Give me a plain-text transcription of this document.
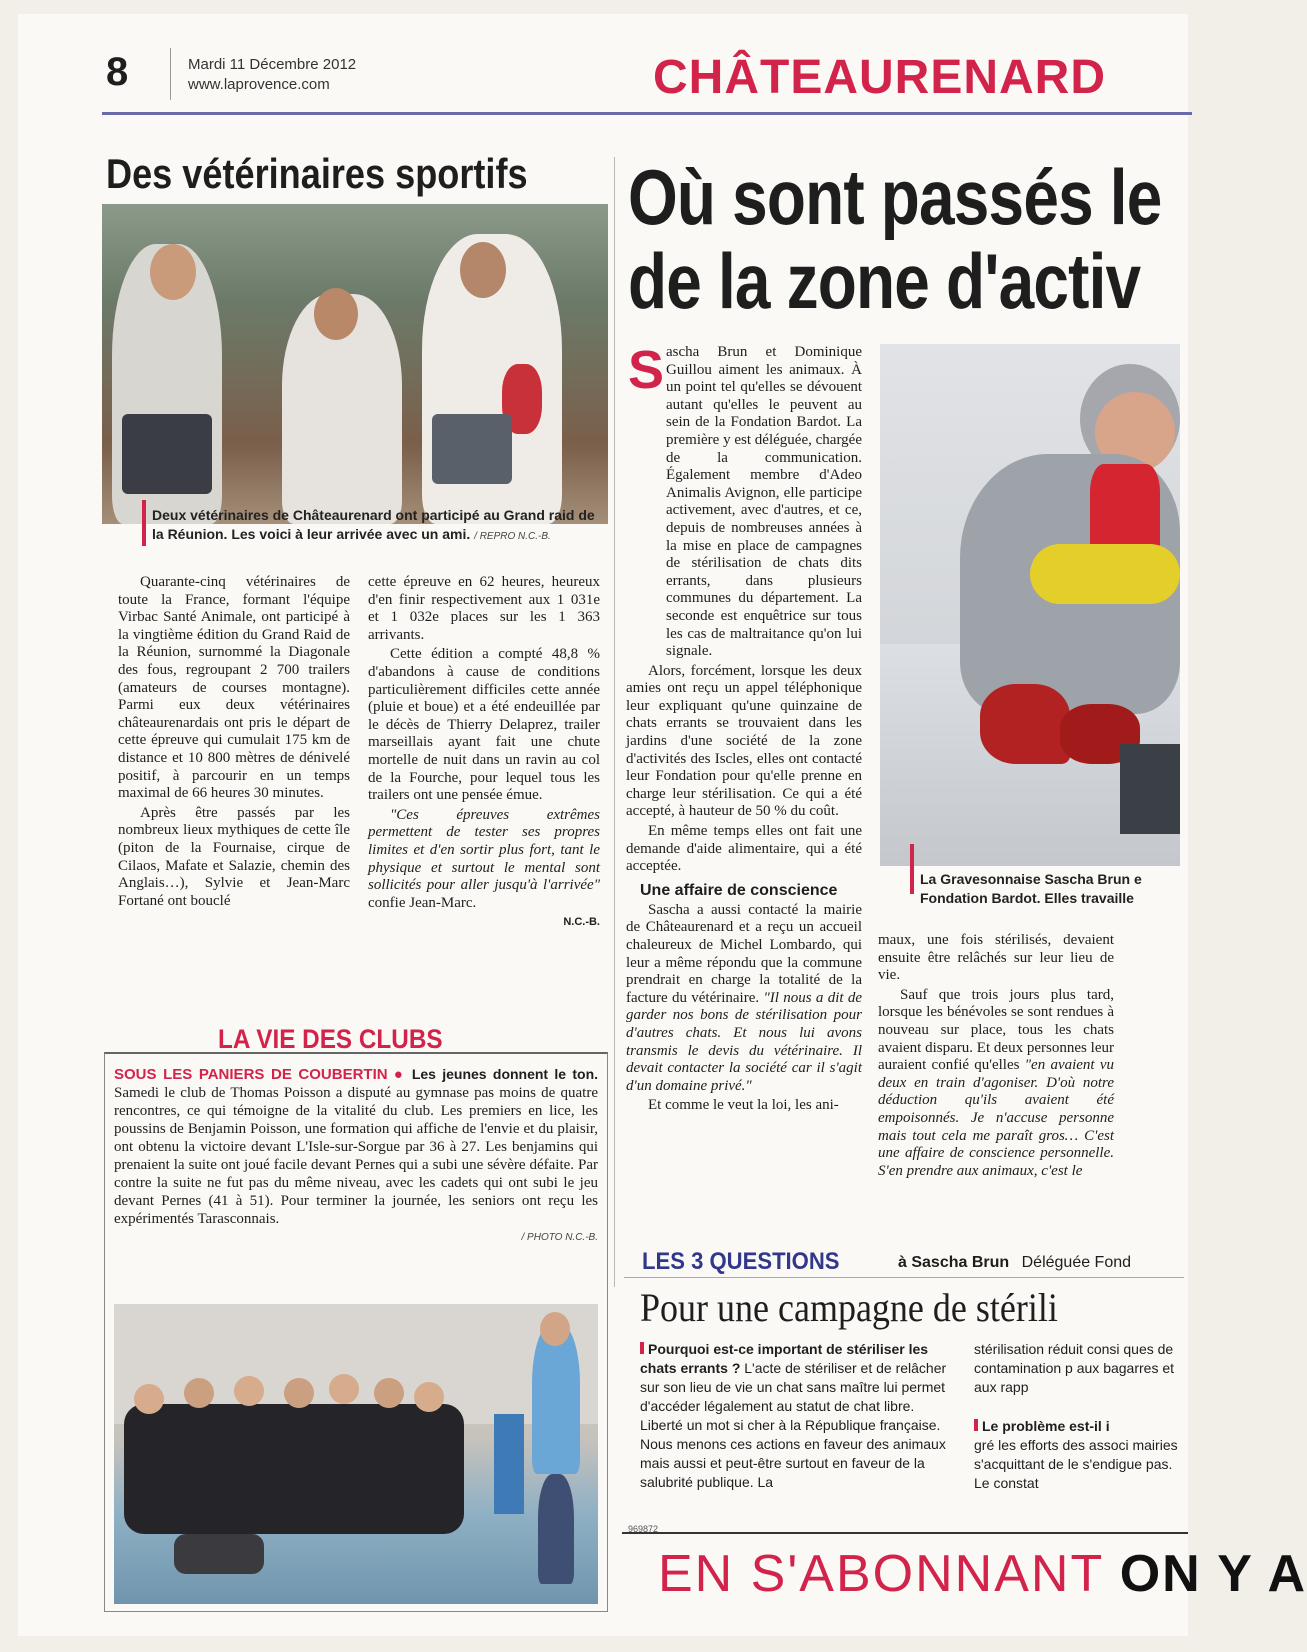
8	Mardi 11 Décembre 2012
www.laprovence.com	CHÂTEAURENARD
Des vétérinaires sportifs
Deux vétérinaires de Châteaurenard ont participé au Grand raid de la Réunion. Les voici à leur arrivée avec un ami. / REPRO N.C.-B.

Quarante-cinq vétérinaires de toute la France, formant l'équipe Virbac Santé Animale, ont participé à la vingtième édition du Grand Raid de la Réunion, surnommé la Diagonale des fous, regroupant 2 700 trailers (amateurs de courses montagne). Parmi eux deux vétérinaires châteaurenardais ont pris le départ de cette épreuve qui cumulait 175 km de distance et 10 800 mètres de dénivelé positif, à parcourir en un temps maximal de 66 heures 30 minutes.

Après être passés par les nombreux lieux mythiques de cette île (piton de la Fournaise, cirque de Cilaos, Mafate et Salazie, chemin des Anglais…), Sylvie et Jean-Marc Fortané ont bouclé

cette épreuve en 62 heures, heureux d'en finir respectivement aux 1 031e et 1 032e places sur les 1 363 arrivants.

Cette édition a compté 48,8 % d'abandons à cause de conditions particulièrement difficiles cette année (pluie et boue) et a été endeuillée par le décès de Thierry Delaprez, trailer marseillais ayant fait une chute mortelle de nuit dans un ravin au col de la Fourche, pour lequel tous les trailers ont une pensée émue.

"Ces épreuves extrêmes permettent de tester ses propres limites et d'en sortir plus fort, tant le physique et surtout le mental sont sollicités pour aller jusqu'à l'arrivée" confie Jean-Marc.

N.C.-B.
LA VIE DES CLUBS
SOUS LES PANIERS DE COUBERTIN ● Les jeunes donnent le ton. Samedi le club de Thomas Poisson a disputé au gymnase pas moins de quatre rencontres, ce qui témoigne de la vitalité du club. Les premiers en lice, les poussins de Benjamin Poisson, une formation qui affiche de l'envie et du plaisir, ont obtenu la victoire devant L'Isle-sur-Sorgue par 36 à 27. Les benjamins qui prenaient la suite ont joué facile devant Pernes qui a subi une sévère défaite. Par contre la suite ne fut pas du même niveau, avec les cadets qui ont subi le jeu devant Pernes (41 à 51). Pour terminer la journée, les seniors ont reçu les expérimentés Tarasconnais.
/ PHOTO N.C.-B.
Où sont passés le
de la zone d'activ
S ascha Brun et Dominique Guillou aiment les animaux. À un point tel qu'elles se dévouent autant qu'elles le peuvent au sein de la Fondation Bardot. La première y est déléguée, chargée de la communication. Également membre d'Adeo Animalis Avignon, elle participe activement, avec d'autres, et ce, depuis de nombreuses années à la mise en place de campagnes de stérilisation de chats dits errants, dans plusieurs communes du département. La seconde est enquêtrice sur tous les cas de maltraitance qu'on lui signale.

Alors, forcément, lorsque les deux amies ont reçu un appel téléphonique leur expliquant qu'une quinzaine de chats errants se trouvaient dans les jardins d'une société de la zone d'activités des Iscles, elles ont contacté leur Fondation pour qu'elle prenne en charge leur stérilisation. Ce qui a été accepté, à hauteur de 50 % du coût.

En même temps elles ont fait une demande d'aide alimentaire, qui a été acceptée.

Une affaire de conscience

Sascha a aussi contacté la mairie de Châteaurenard et a reçu un accueil chaleureux de Michel Lombardo, qui leur a même répondu que la commune prendrait en charge la totalité de la facture du vétérinaire. "Il nous a dit de garder nos bons de stérilisation pour d'autres chats. Et nous lui avons transmis le devis du vétérinaire. Il devait contacter la société car il s'agit d'un domaine privé."

Et comme le veut la loi, les ani-

La Gravesonnaise Sascha Brun e Fondation Bardot. Elles travaille

maux, une fois stérilisés, devaient ensuite être relâchés sur leur lieu de vie.

Sauf que trois jours plus tard, lorsque les bénévoles se sont rendues à nouveau sur place, tous les chats avaient disparu. Et deux personnes leur auraient confié qu'elles "en avaient vu deux en train d'agoniser. D'où notre déduction qu'ils avaient été empoisonnés. Je n'accuse personne mais tout cela me paraît gros… C'est une affaire de conscience personnelle. S'en prendre aux animaux, c'est le

LES 3 QUESTIONS	à Sascha Brun Déléguée Fond
Pour une campagne de stérili
Pourquoi est-ce important de stériliser les chats errants ? L'acte de stériliser et de relâcher sur son lieu de vie un chat sans maître lui permet d'accéder légalement au statut de chat libre. Liberté un mot si cher à la République française. Nous menons ces actions en faveur des animaux mais aussi et peut-être surtout en faveur de la salubrité publique. La
stérilisation réduit consi ques de contamination p aux bagarres et aux rapp
Le problème est-il i
gré les efforts des associ mairies s'acquittant de le s'endigue pas. Le constat
969872
EN S'ABONNANT ON Y A
